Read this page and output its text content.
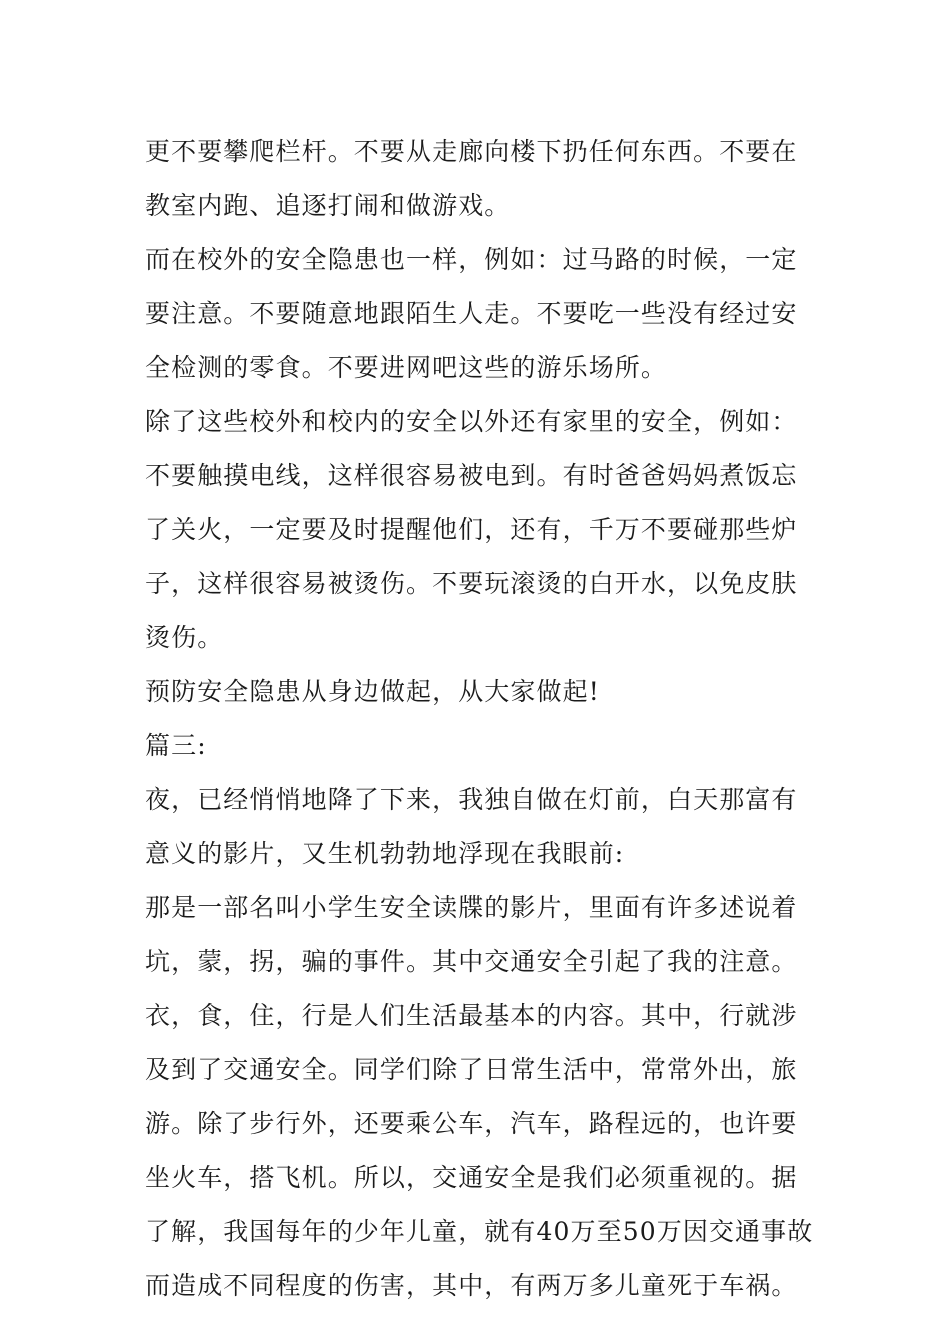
更不要攀爬栏杆。不要从走廊向楼下扔任何东西。不要在
教室内跑、追逐打闹和做游戏。
而在校外的安全隐患也一样，例如：过马路的时候，一定
要注意。不要随意地跟陌生人走。不要吃一些没有经过安
全检测的零食。不要进网吧这些的游乐场所。
除了这些校外和校内的安全以外还有家里的安全，例如：
不要触摸电线，这样很容易被电到。有时爸爸妈妈煮饭忘
了关火，一定要及时提醒他们，还有，千万不要碰那些炉
子，这样很容易被烫伤。不要玩滚烫的白开水，以免皮肤
烫伤。
预防安全隐患从身边做起，从大家做起!
篇三:
夜，已经悄悄地降了下来，我独自做在灯前，白天那富有
意义的影片，又生机勃勃地浮现在我眼前:
那是一部名叫小学生安全读牒的影片，里面有许多述说着
坑，蒙，拐，骗的事件。其中交通安全引起了我的注意。
衣，食，住，行是人们生活最基本的内容。其中，行就涉
及到了交通安全。同学们除了日常生活中，常常外出，旅
游。除了步行外，还要乘公车，汽车，路程远的，也许要
坐火车，搭飞机。所以，交通安全是我们必须重视的。据
了解，我国每年的少年儿童，就有40万至50万因交通事故
而造成不同程度的伤害，其中，有两万多儿童死于车祸。
